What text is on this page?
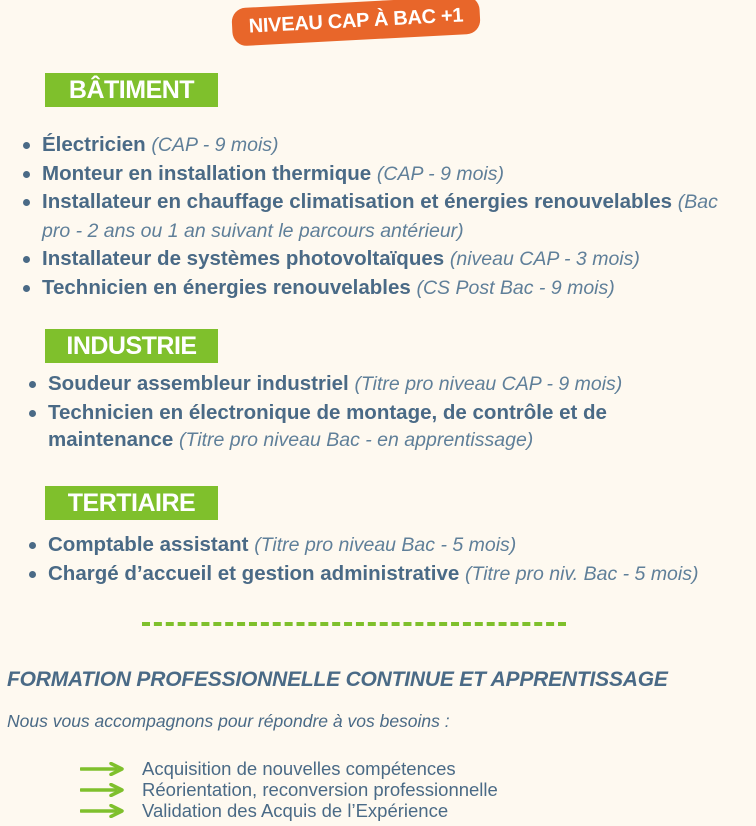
NIVEAU CAP À BAC +1
BÂTIMENT
Électricien (CAP - 9 mois)
Monteur en installation thermique (CAP - 9 mois)
Installateur en chauffage climatisation et énergies renouvelables (Bac pro - 2 ans ou 1 an suivant le parcours antérieur)
Installateur de systèmes photovoltaïques (niveau CAP - 3 mois)
Technicien en énergies renouvelables (CS Post Bac - 9 mois)
INDUSTRIE
Soudeur assembleur industriel (Titre pro niveau CAP - 9 mois)
Technicien en électronique de montage, de contrôle et de maintenance (Titre pro niveau Bac - en apprentissage)
TERTIAIRE
Comptable assistant (Titre pro niveau Bac - 5 mois)
Chargé d’accueil et gestion administrative (Titre pro niv. Bac - 5 mois)
FORMATION PROFESSIONNELLE CONTINUE ET APPRENTISSAGE
Nous vous accompagnons pour répondre à vos besoins :
Acquisition de nouvelles compétences
Réorientation, reconversion professionnelle
Validation des Acquis de l’Expérience
